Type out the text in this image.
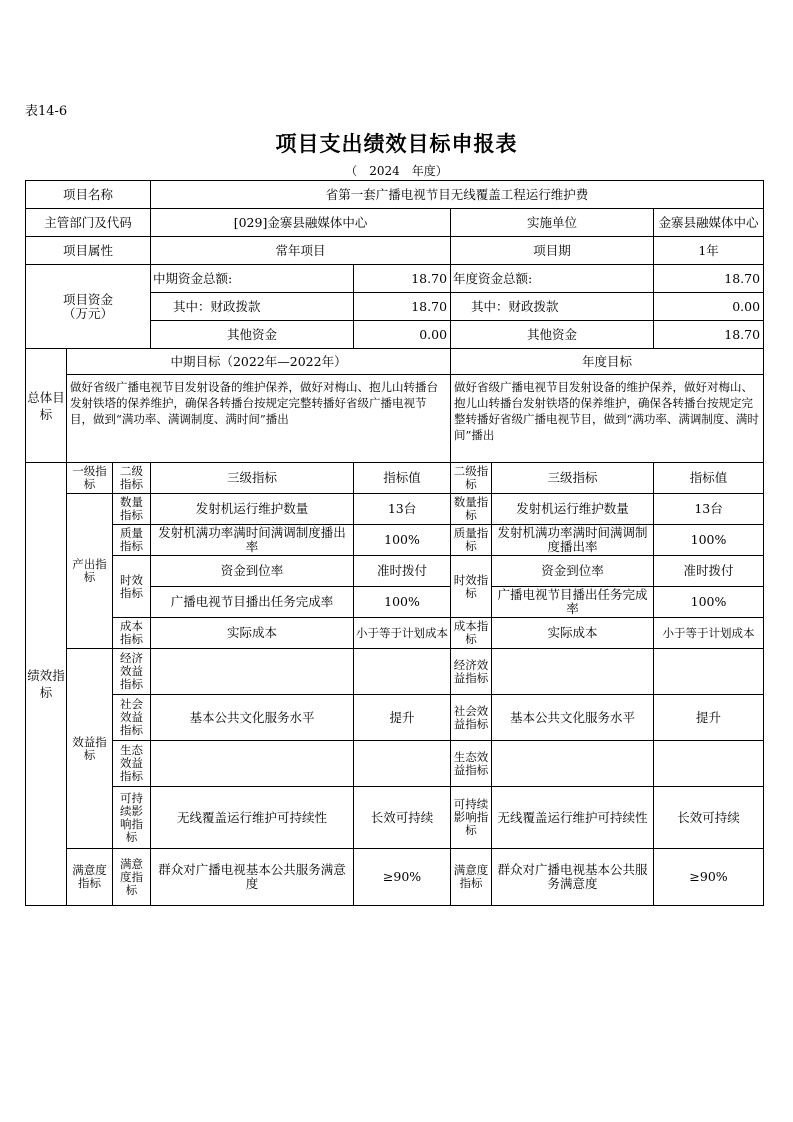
表14-6
项目支出绩效目标申报表
（ 2024 年度）
项目名称			省第一套广播电视节目无线覆盖工程运行维护费				
主管部门及代码			[029]金寨县融媒体中心		实施单位		金寨县融媒体中心
项目属性			常年项目		项目期		1年
项目资金
（万元）			中期资金总额:	18.70	年度资金总额:		18.70
			其中：财政拨款	18.70	其中：财政拨款		0.00
			其他资金	0.00	其他资金		18.70
总体目标	中期目标（2022年—2022年）				年度目标		
	做好省级广播电视节目发射设备的维护保养，做好对梅山、抱儿山转播台发射铁塔的保养维护，确保各转播台按规定完整转播好省级广播电视节目，做到“满功率、满调制度、满时间”播出				做好省级广播电视节目发射设备的维护保养，做好对梅山、抱儿山转播台发射铁塔的保养维护，确保各转播台按规定完整转播好省级广播电视节目，做到“满功率、满调制度、满时间”播出		
绩效指标	一级指标	二级指标	三级指标	指标值	二级指标	三级指标	指标值
	产出指标	数量指标	发射机运行维护数量	13台	数量指标	发射机运行维护数量	13台
		质量指标	发射机满功率满时间满调制度播出率	100%	质量指标	发射机满功率满时间满调制度播出率	100%
		时效指标	资金到位率	准时拨付	时效指标	资金到位率	准时拨付
			广播电视节目播出任务完成率	100%		广播电视节目播出任务完成率	100%
		成本指标	实际成本	小于等于计划成本	成本指标	实际成本	小于等于计划成本
	效益指标	经济效益指标			经济效益指标		
		社会效益指标	基本公共文化服务水平	提升	社会效益指标	基本公共文化服务水平	提升
		生态效益指标			生态效益指标		
		可持续影响指标	无线覆盖运行维护可持续性	长效可持续	可持续影响指标	无线覆盖运行维护可持续性	长效可持续
	满意度指标	满意度指标	群众对广播电视基本公共服务满意度	≥90%	满意度指标	群众对广播电视基本公共服务满意度	≥90%
